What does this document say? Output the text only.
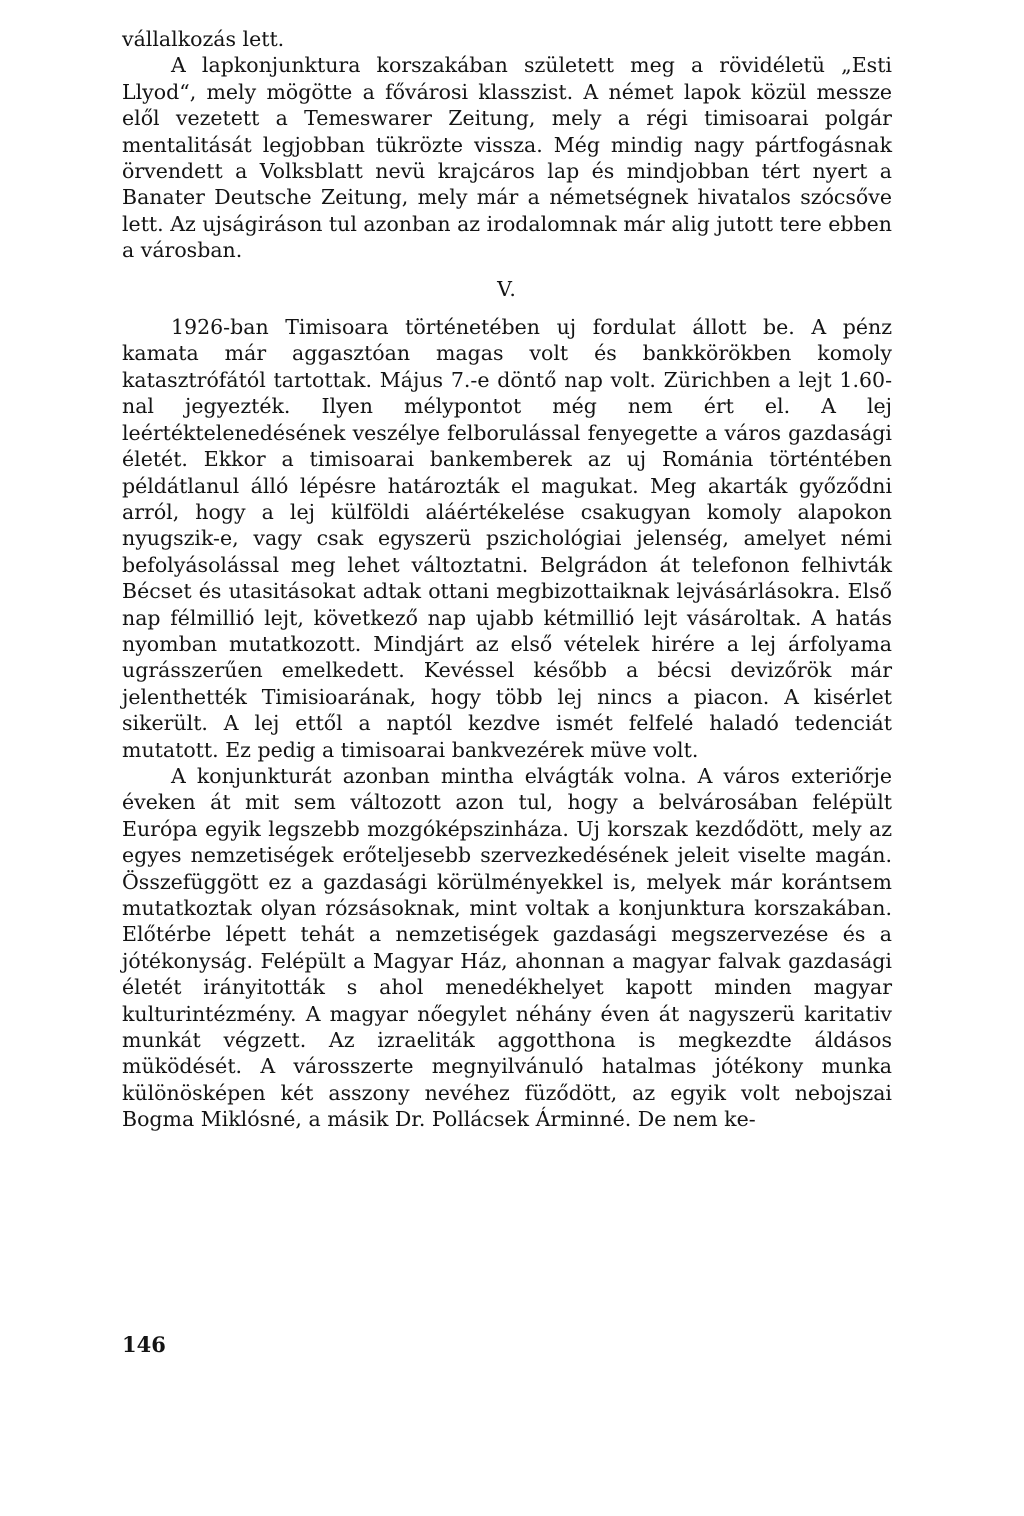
vállalkozás lett.

A lapkonjunktura korszakában született meg a rövidéletü „Esti Llyod“, mely mögötte a fővárosi klasszist. A német lapok közül messze elől vezetett a Temeswarer Zeitung, mely a régi timisoarai polgár mentalitását legjobban tükrözte vissza. Még mindig nagy pártfogásnak örvendett a Volksblatt nevü krajcáros lap és mindjobban tért nyert a Banater Deutsche Zeitung, mely már a németségnek hivatalos szócsőve lett. Az ujságiráson tul azonban az irodalomnak már alig jutott tere ebben a városban.

V.

1926-ban Timisoara történetében uj fordulat állott be. A pénz kamata már aggasztóan magas volt és bankkörökben komoly katasztrófától tartottak. Május 7.-e döntő nap volt. Zürichben a lejt 1.60-nal jegyezték. Ilyen mélypontot még nem ért el. A lej leértéktelenedésének veszélye felborulással fenyegette a város gazdasági életét. Ekkor a timisoarai bankemberek az uj Románia történtében példátlanul álló lépésre határozták el magukat. Meg akarták győződni arról, hogy a lej külföldi aláértékelése csakugyan komoly alapokon nyugszik-e, vagy csak egyszerü pszichológiai jelenség, amelyet némi befolyásolással meg lehet változtatni. Belgrádon át telefonon felhivták Bécset és utasitásokat adtak ottani megbizottaiknak lejvásárlásokra. Első nap félmillió lejt, következő nap ujabb kétmillió lejt vásároltak. A hatás nyomban mutatkozott. Mindjárt az első vételek hirére a lej árfolyama ugrásszerűen emelkedett. Kevéssel később a bécsi devizőrök már jelenthették Timisioarának, hogy több lej nincs a piacon. A kisérlet sikerült. A lej ettől a naptól kezdve ismét felfelé haladó tedenciát mutatott. Ez pedig a timisoarai bankvezérek müve volt.

A konjunkturát azonban mintha elvágták volna. A város exteriőrje éveken át mit sem változott azon tul, hogy a belvárosában felépült Európa egyik legszebb mozgóképszinháza. Uj korszak kezdődött, mely az egyes nemzetiségek erőteljesebb szervezkedésének jeleit viselte magán. Összefüggött ez a gazdasági körülményekkel is, melyek már korántsem mutatkoztak olyan rózsásoknak, mint voltak a konjunktura korszakában. Előtérbe lépett tehát a nemzetiségek gazdasági megszervezése és a jótékonyság. Felépült a Magyar Ház, ahonnan a magyar falvak gazdasági életét irányitották s ahol menedékhelyet kapott minden magyar kulturintézmény. A magyar nőegylet néhány éven át nagyszerü karitativ munkát végzett. Az izraeliták aggotthona is megkezdte áldásos müködését. A városszerte megnyilvánuló hatalmas jótékony munka különösképen két asszony nevéhez füződött, az egyik volt nebojszai Bogma Miklósné, a másik Dr. Pollácsek Árminné. De nem ke-

146
